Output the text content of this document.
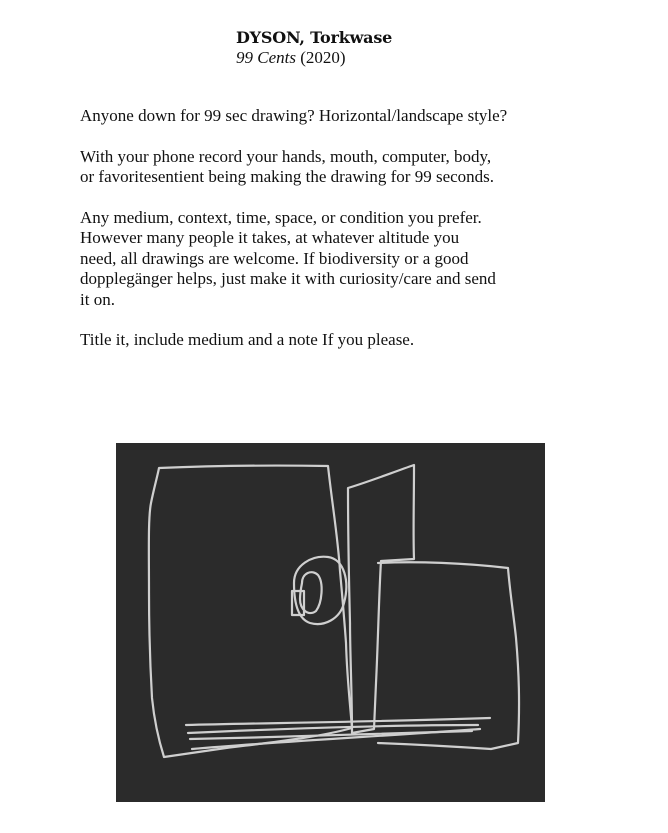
DYSON, Torkwase
99 Cents (2020)

Anyone down for 99 sec drawing? Horizontal/landscape style?

With your phone record your hands, mouth, computer, body,
or favoritesentient being making the drawing for 99 seconds.

Any medium, context, time, space, or condition you prefer.
However many people it takes, at whatever altitude you
need, all drawings are welcome. If biodiversity or a good
dopplegänger helps, just make it with curiosity/care and send
it on.

Title it, include medium and a note If you please.
